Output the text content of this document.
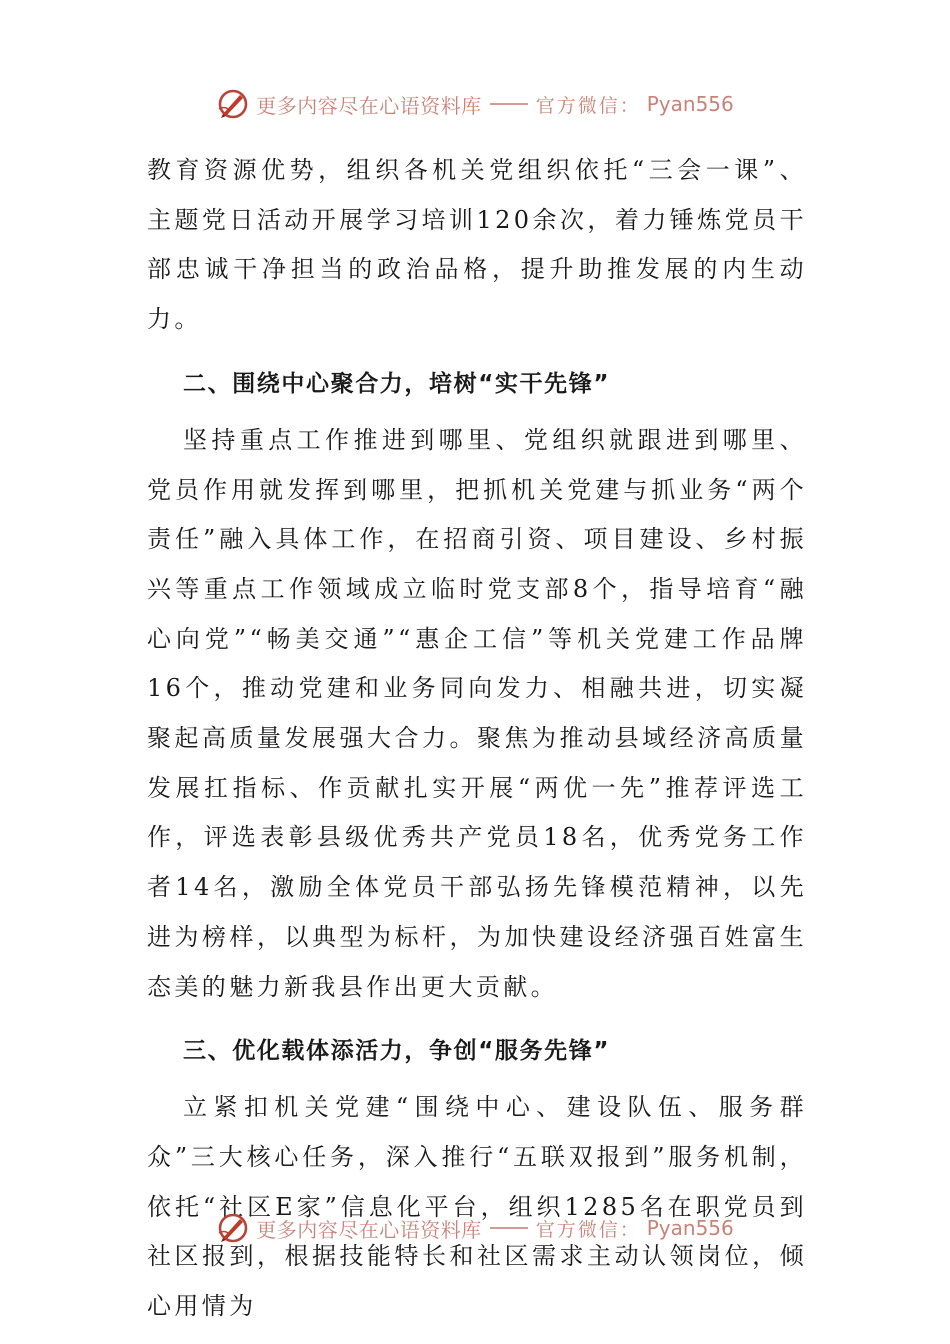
更多内容尽在心语资料库	官方微信： Pyan556

教育资源优势，组织各机关党组织依托“三会一课”、主题党日活动开展学习培训120余次，着力锤炼党员干部忠诚干净担当的政治品格，提升助推发展的内生动力。

二、围绕中心聚合力，培树“实干先锋”

坚持重点工作推进到哪里、党组织就跟进到哪里、党员作用就发挥到哪里，把抓机关党建与抓业务“两个责任”融入具体工作，在招商引资、项目建设、乡村振兴等重点工作领域成立临时党支部8个，指导培育“融心向党”“畅美交通”“惠企工信”等机关党建工作品牌16个，推动党建和业务同向发力、相融共进，切实凝聚起高质量发展强大合力。聚焦为推动县域经济高质量发展扛指标、作贡献扎实开展“两优一先”推荐评选工作，评选表彰县级优秀共产党员18名，优秀党务工作者14名，激励全体党员干部弘扬先锋模范精神，以先进为榜样，以典型为标杆，为加快建设经济强百姓富生态美的魅力新我县作出更大贡献。

三、优化载体添活力，争创“服务先锋”

立紧扣机关党建“围绕中心、建设队伍、服务群众”三大核心任务，深入推行“五联双报到”服务机制，依托“社区E家”信息化平台，组织1285名在职党员到社区报到，根据技能特长和社区需求主动认领岗位，倾心用情为

更多内容尽在心语资料库	官方微信： Pyan556
